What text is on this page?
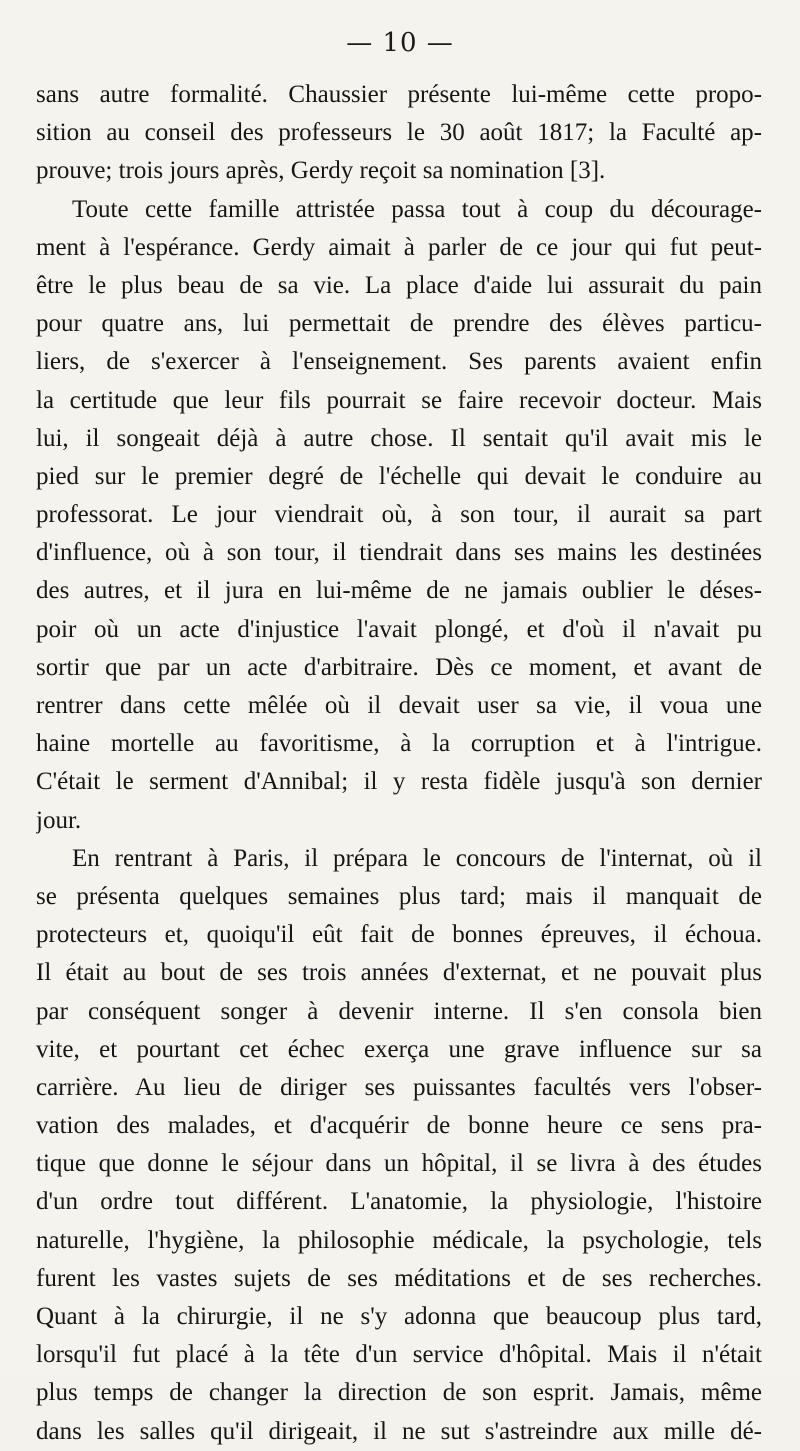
— 10 —
sans autre formalité. Chaussier présente lui-même cette propo-
sition au conseil des professeurs le 30 août 1817; la Faculté ap-
prouve; trois jours après, Gerdy reçoit sa nomination [3].
Toute cette famille attristée passa tout à coup du décourage-
ment à l'espérance. Gerdy aimait à parler de ce jour qui fut peut-
être le plus beau de sa vie. La place d'aide lui assurait du pain
pour quatre ans, lui permettait de prendre des élèves particu-
liers, de s'exercer à l'enseignement. Ses parents avaient enfin
la certitude que leur fils pourrait se faire recevoir docteur. Mais
lui, il songeait déjà à autre chose. Il sentait qu'il avait mis le
pied sur le premier degré de l'échelle qui devait le conduire au
professorat. Le jour viendrait où, à son tour, il aurait sa part
d'influence, où à son tour, il tiendrait dans ses mains les destinées
des autres, et il jura en lui-même de ne jamais oublier le déses-
poir où un acte d'injustice l'avait plongé, et d'où il n'avait pu
sortir que par un acte d'arbitraire. Dès ce moment, et avant de
rentrer dans cette mêlée où il devait user sa vie, il voua une
haine mortelle au favoritisme, à la corruption et à l'intrigue.
C'était le serment d'Annibal; il y resta fidèle jusqu'à son dernier
jour.
En rentrant à Paris, il prépara le concours de l'internat, où il
se présenta quelques semaines plus tard; mais il manquait de
protecteurs et, quoiqu'il eût fait de bonnes épreuves, il échoua.
Il était au bout de ses trois années d'externat, et ne pouvait plus
par conséquent songer à devenir interne. Il s'en consola bien
vite, et pourtant cet échec exerça une grave influence sur sa
carrière. Au lieu de diriger ses puissantes facultés vers l'obser-
vation des malades, et d'acquérir de bonne heure ce sens pra-
tique que donne le séjour dans un hôpital, il se livra à des études
d'un ordre tout différent. L'anatomie, la physiologie, l'histoire
naturelle, l'hygiène, la philosophie médicale, la psychologie, tels
furent les vastes sujets de ses méditations et de ses recherches.
Quant à la chirurgie, il ne s'y adonna que beaucoup plus tard,
lorsqu'il fut placé à la tête d'un service d'hôpital. Mais il n'était
plus temps de changer la direction de son esprit. Jamais, même
dans les salles qu'il dirigeait, il ne sut s'astreindre aux mille dé-
